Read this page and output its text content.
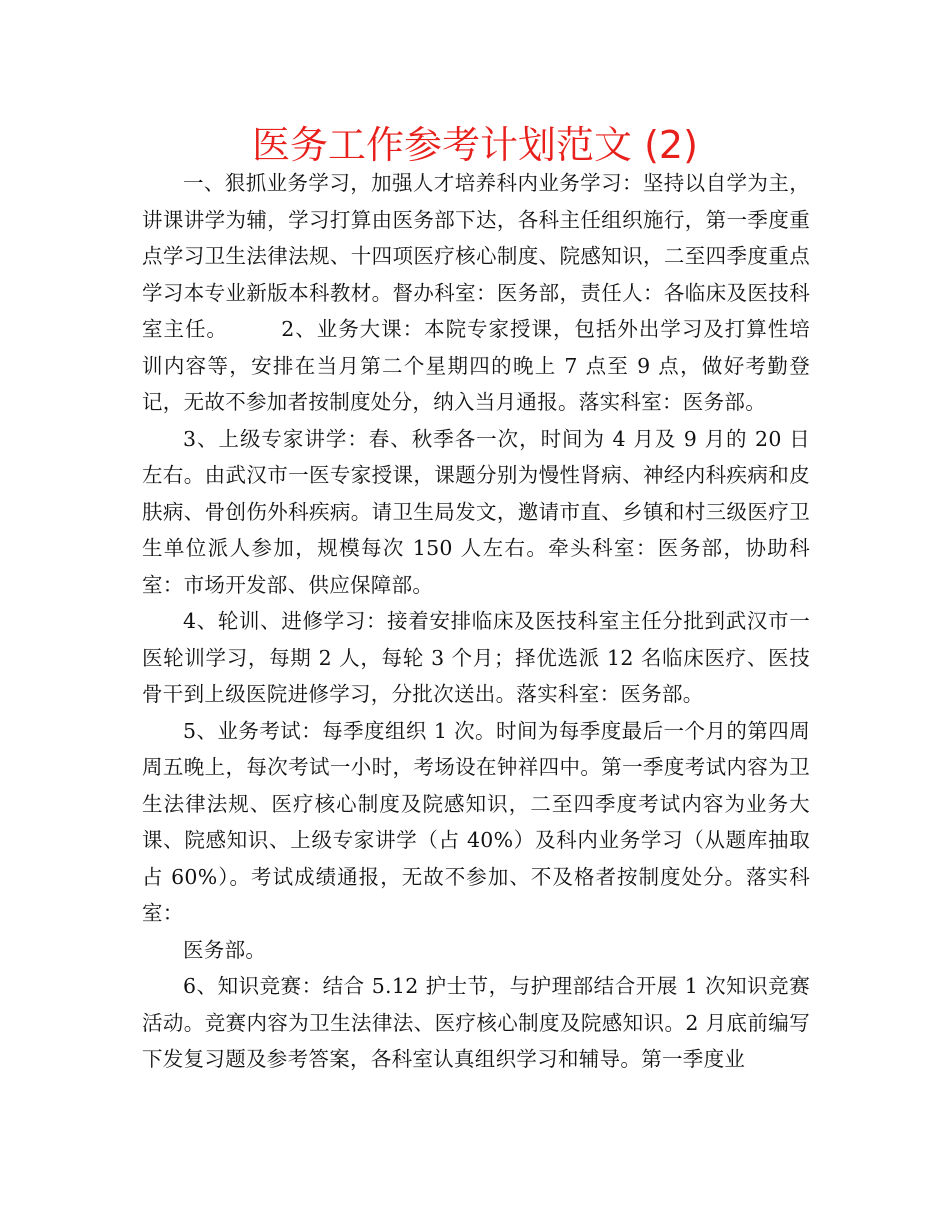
医务工作参考计划范文 (2)

一、狠抓业务学习，加强人才培养科内业务学习：坚持以自学为主，讲课讲学为辅，学习打算由医务部下达，各科主任组织施行，第一季度重点学习卫生法律法规、十四项医疗核心制度、院感知识，二至四季度重点学习本专业新版本科教材。督办科室：医务部，责任人：各临床及医技科室主任。	2、业务大课：本院专家授课，包括外出学习及打算性培训内容等，安排在当月第二个星期四的晚上 7 点至 9 点，做好考勤登记，无故不参加者按制度处分，纳入当月通报。落实科室：医务部。

3、上级专家讲学：春、秋季各一次，时间为 4 月及 9 月的 20 日左右。由武汉市一医专家授课，课题分别为慢性肾病、神经内科疾病和皮肤病、骨创伤外科疾病。请卫生局发文，邀请市直、乡镇和村三级医疗卫生单位派人参加，规模每次 150 人左右。牵头科室：医务部，协助科室：市场开发部、供应保障部。

4、轮训、进修学习：接着安排临床及医技科室主任分批到武汉市一医轮训学习，每期 2 人，每轮 3 个月；择优选派 12 名临床医疗、医技骨干到上级医院进修学习，分批次送出。落实科室：医务部。

5、业务考试：每季度组织 1 次。时间为每季度最后一个月的第四周周五晚上，每次考试一小时，考场设在钟祥四中。第一季度考试内容为卫生法律法规、医疗核心制度及院感知识，二至四季度考试内容为业务大课、院感知识、上级专家讲学（占 40%）及科内业务学习（从题库抽取占 60%）。考试成绩通报，无故不参加、不及格者按制度处分。落实科室：

医务部。

6、知识竞赛：结合 5.12 护士节，与护理部结合开展 1 次知识竞赛活动。竞赛内容为卫生法律法、医疗核心制度及院感知识。2 月底前编写下发复习题及参考答案，各科室认真组织学习和辅导。第一季度业
